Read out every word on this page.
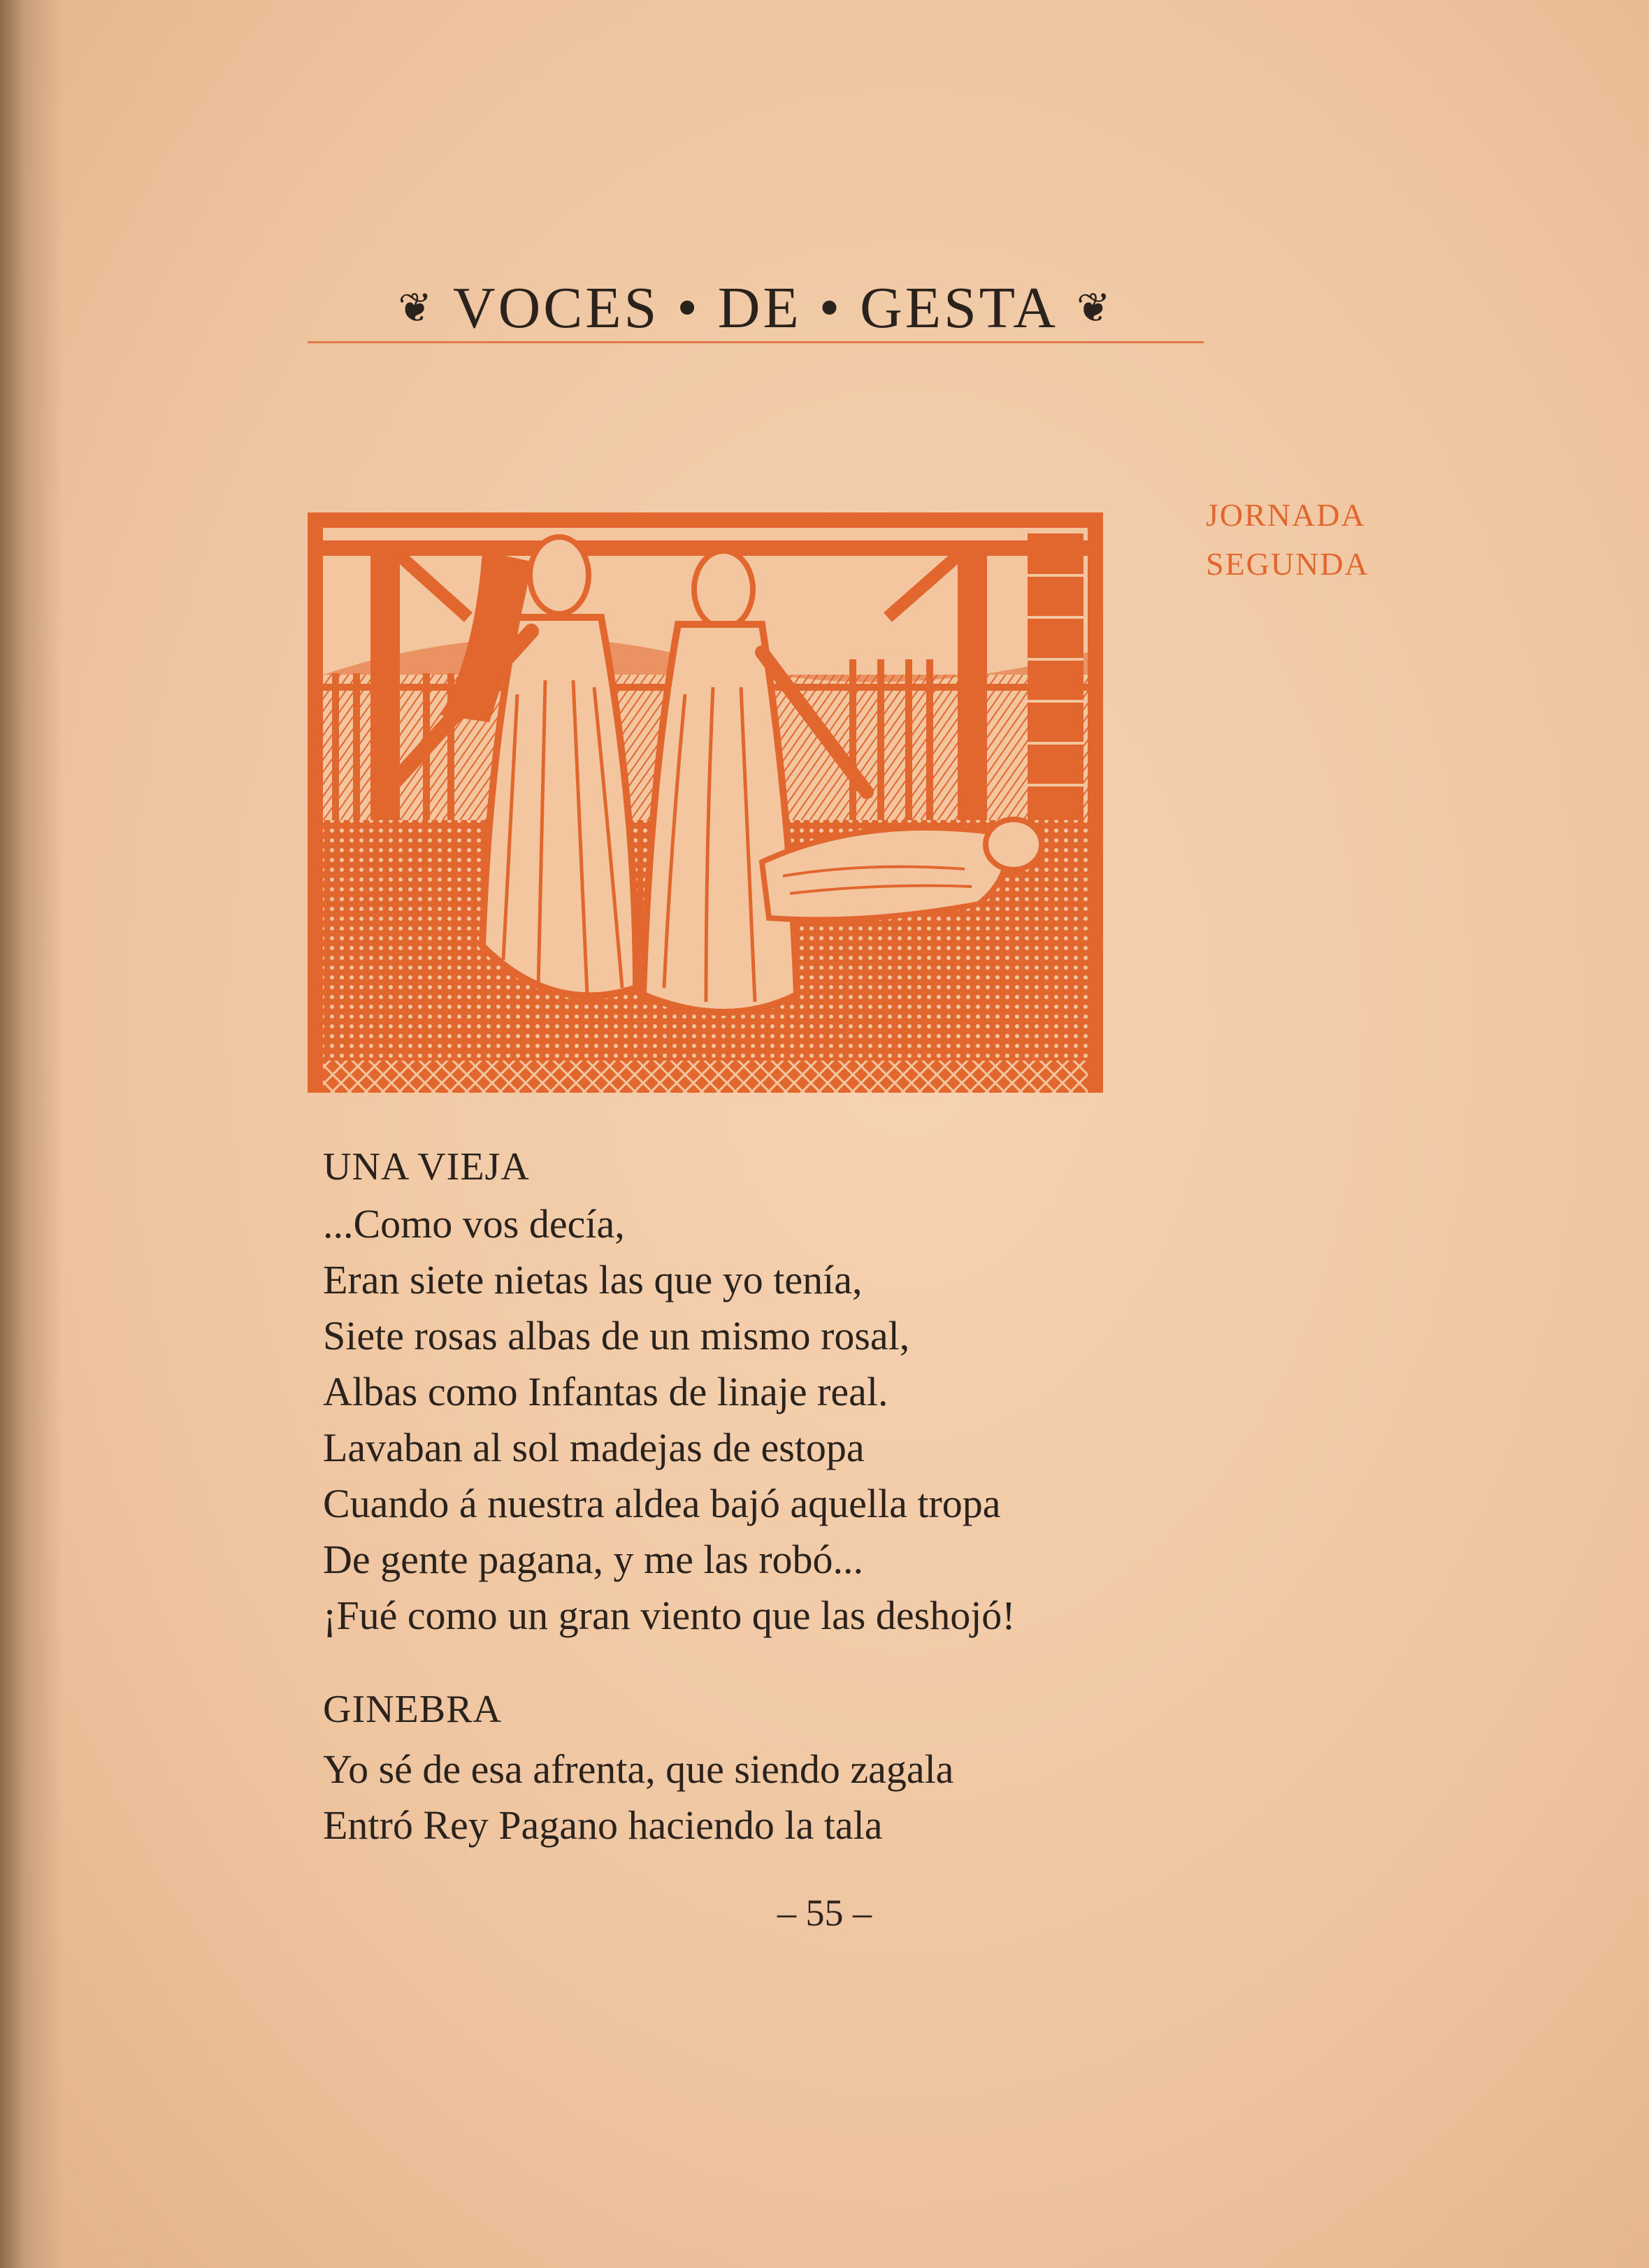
❦ VOCES • DE • GESTA ❦
JORNADA
SEGUNDA
UNA VIEJA
...Como vos decía,
Eran siete nietas las que yo tenía,
Siete rosas albas de un mismo rosal,
Albas como Infantas de linaje real.
Lavaban al sol madejas de estopa
Cuando á nuestra aldea bajó aquella tropa
De gente pagana, y me las robó...
¡Fué como un gran viento que las deshojó!
GINEBRA
Yo sé de esa afrenta, que siendo zagala
Entró Rey Pagano haciendo la tala
– 55 –
